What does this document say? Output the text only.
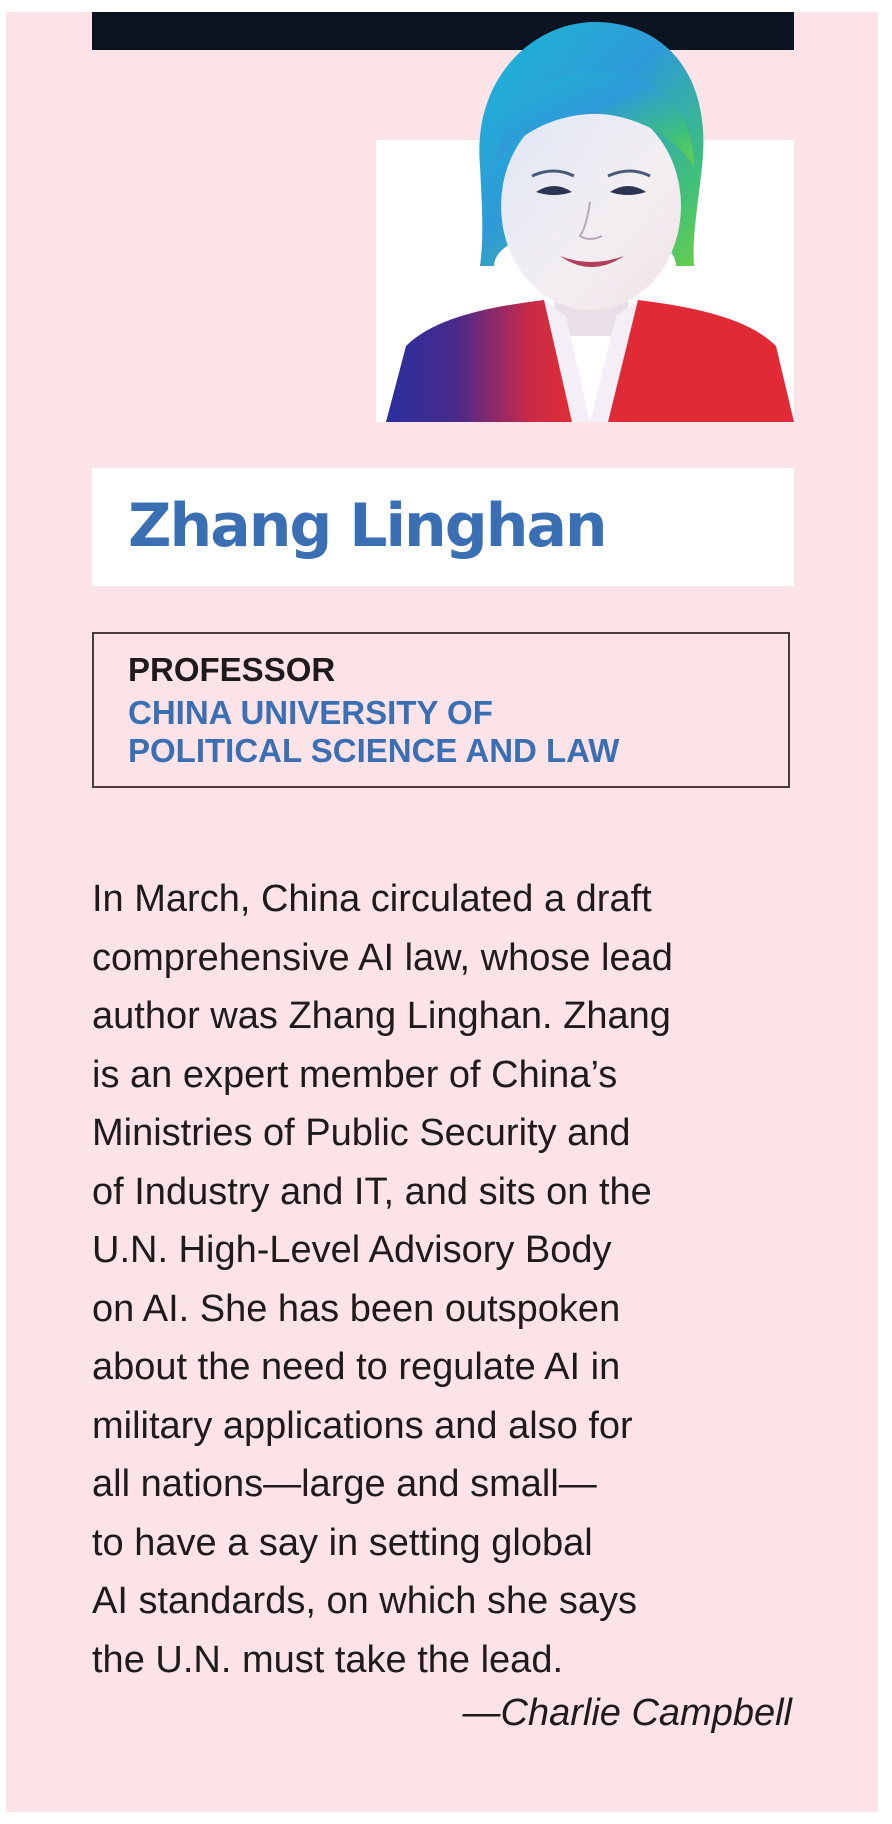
Zhang Linghan
PROFESSOR
CHINA UNIVERSITY OF
POLITICAL SCIENCE AND LAW
In March, China circulated a draft
comprehensive AI law, whose lead
author was Zhang Linghan. Zhang
is an expert member of China’s
Ministries of Public Security and
of Industry and IT, and sits on the
U.N. High-Level Advisory Body
on AI. She has been outspoken
about the need to regulate AI in
military applications and also for
all nations—large and small—
to have a say in setting global
AI standards, on which she says
the U.N. must take the lead.
—Charlie Campbell
